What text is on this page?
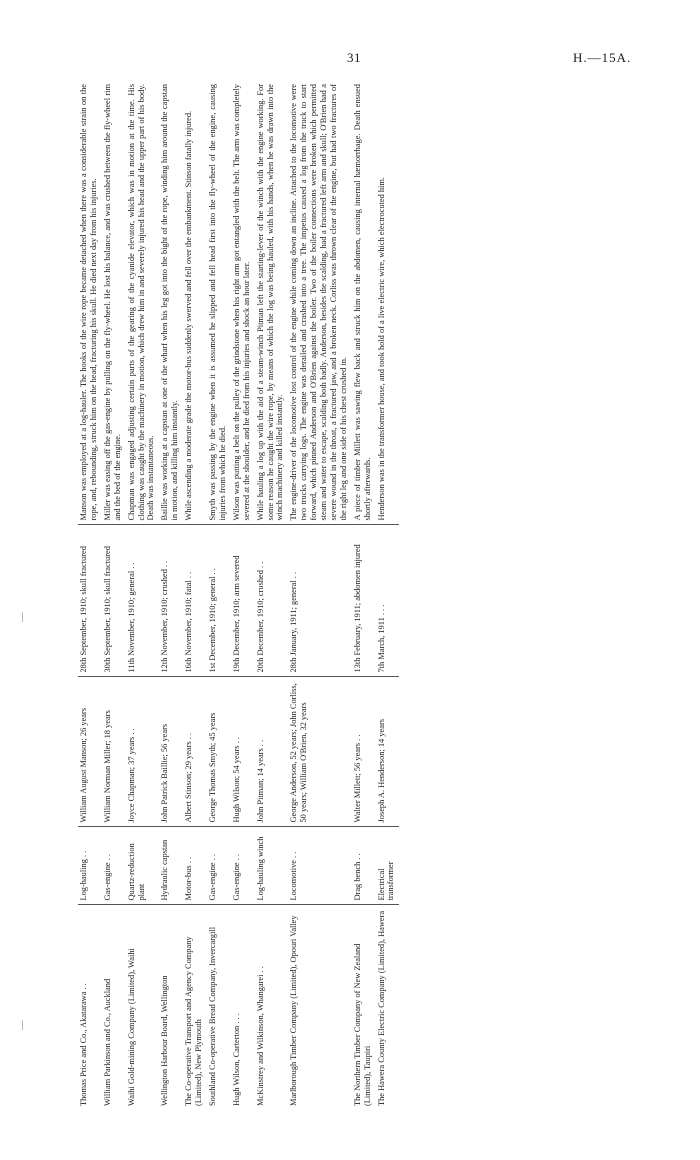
31	H.—15A.
Thomas Price and Co., Akatarawa . .	Log-hauling . .	William August Manson; 26 years	28th September, 1910; skull fractured	Manson was employed at a log-hauler. The hooks of the wire rope became detached when there was a considerable strain on the rope, and, rebounding, struck him on the head, fracturing his skull. He died next day from his injuries.
William Parkinson and Co., Auckland	Gas-engine . .	William Norman Miller; 18 years	30th September, 1910; skull fractured	Miller was easing off the gas-engine by pulling on the fly-wheel. He lost his balance, and was crushed between the fly-wheel rim and the bed of the engine.
Waihi Gold-mining Company (Limited), Waihi	Quartz-reduction plant	Joyce Chapman; 37 years . .	11th November, 1910; general . .	Chapman was engaged adjusting certain parts of the gearing of the cyanide elevator, which was in motion at the time. His clothing was caught by the machinery in motion, which drew him in and severely injured his head and the upper part of his body. Death was instantaneous.
Wellington Harbour Board, Wellington	Hydraulic capstan	John Patrick Baillie; 56 years	12th November, 1910; crushed . .	Baillie was working at a capstan at one of the wharf when his leg got into the bight of the rope, winding him around the capstan in motion, and killing him instantly.
The Co-operative Transport and Agency Company (Limited), New Plymouth	Motor-bus . .	Albert Stinson; 29 years . .	16th November, 1910; fatal . .	While ascending a moderate grade the motor-bus suddenly swerved and fell over the embankment. Stinson fatally injured.
Southland Co-operative Bread Company, Invercargill	Gas-engine . .	George Thomas Smyth; 45 years	1st December, 1910; general . .	Smyth was passing by the engine when it is assumed he slipped and fell head first into the fly-wheel of the engine, causing injuries from which he died.
Hugh Wilson, Carterton . . .	Gas-engine . .	Hugh Wilson; 54 years . .	19th December, 1910; arm severed	Wilson was putting a belt on the pulley of the grindstone when his right arm got entangled with the belt. The arm was completely severed at the shoulder, and he died from his injuries and shock an hour later.
McKinstrey and Wilkinson, Whangarei . .	Log-hauling winch	John Pitman; 14 years . .	20th December, 1910; crushed . .	While hauling a log up with the aid of a steam-winch Pitman left the starting-lever of the winch with the engine working. For some reason he caught the wire rope, by means of which the log was being hauled, with his hands, when he was drawn into the winch machinery and killed instantly.
Marlborough Timber Company (Limited), Opouri Valley	Locomotive . .	George Anderson, 52 years; John Corliss, 50 years; William O'Brien, 32 years	28th January, 1911; general . .	The engine-driver of the locomotive lost control of the engine while coming down an incline. Attached to the locomotive were two trucks carrying logs. The engine was derailed and crashed into a tree. The impetus caused a log from the truck to start forward, which pinned Anderson and O'Brien against the boiler. Two of the boiler connections were broken which permitted steam and water to escape, scalding both badly. Anderson, besides the scalding, had a fractured left arm and skull; O'Brien had a severe wound in the throat, a fractured jaw, and a broken neck. Corliss was thrown clear of the engine, but had two fractures of the right leg and one side of his chest crushed in.
The Northern Timber Company of New Zealand (Limited), Taupiri	Drag bench . .	Walter Millett; 56 years . .	13th February, 1911; abdomen injured	A piece of timber Millett was sawing flew back and struck him on the abdomen, causing internal hæmorrhage. Death ensued shortly afterwards.
The Hawera County Electric Company (Limited), Hawera	Electrical transformer	Joseph A. Henderson; 14 years	7th March, 1911 . . .	Henderson was in the transformer house, and took hold of a live electric wire, which electrocuted him.
